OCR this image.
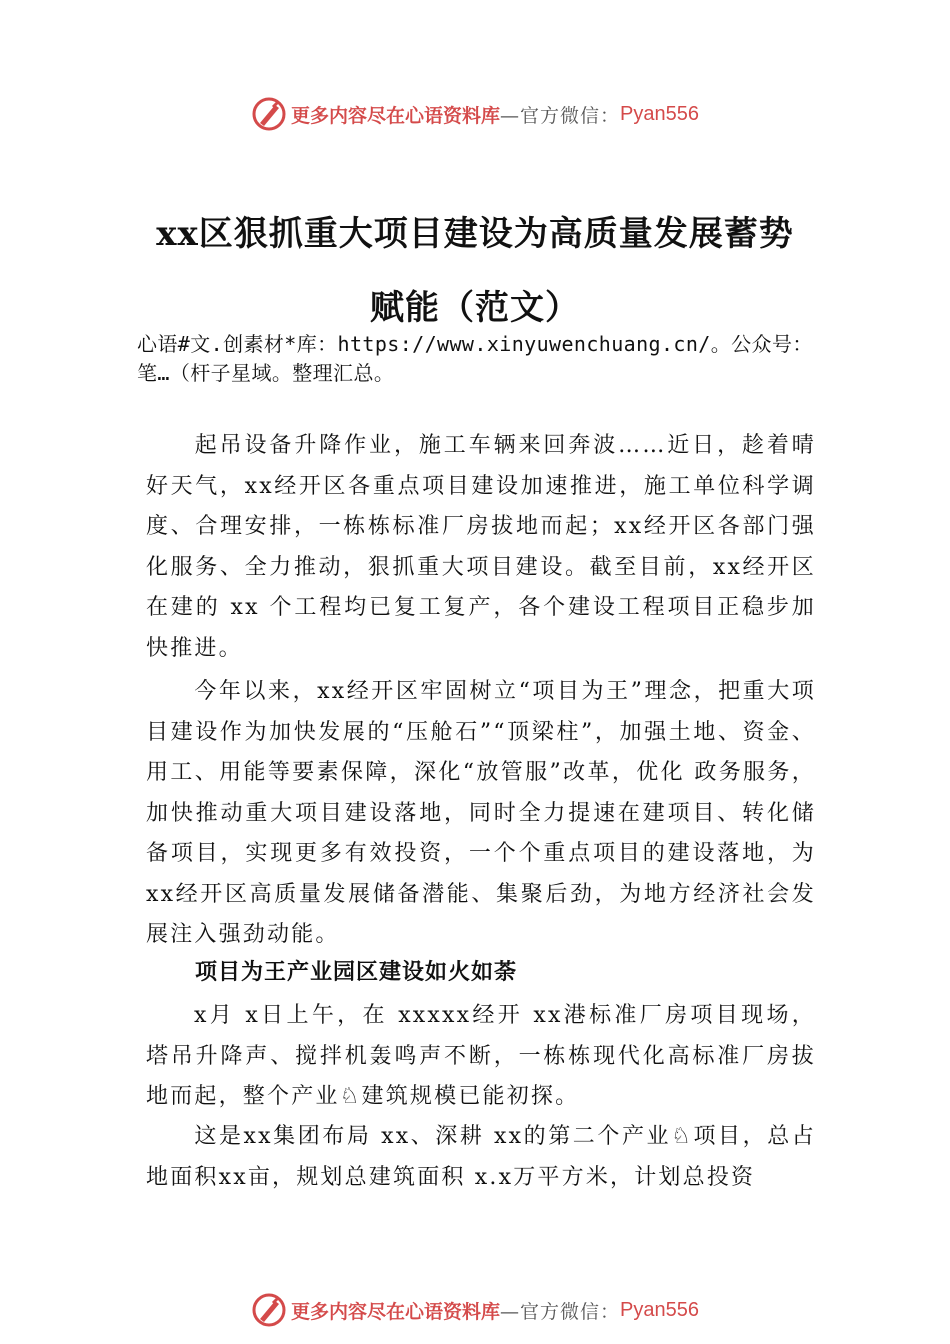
更多内容尽在心语资料库 —官方微信： Pyan556
xx区狠抓重大项目建设为高质量发展蓄势
赋能（范文）
心语#文.创素材*库：https://www.xinyuwenchuang.cn/。公众号：笔…（杆子星域。整理汇总。
起吊设备升降作业，施工车辆来回奔波……近日，趁着晴好天气，xx经开区各重点项目建设加速推进，施工单位科学调度、合理安排，一栋栋标准厂房拔地而起；xx经开区各部门强化服务、全力推动，狠抓重大项目建设。截至目前，xx经开区在建的 xx 个工程均已复工复产，各个建设工程项目正稳步加快推进。
今年以来，xx经开区牢固树立“项目为王”理念，把重大项目建设作为加快发展的“压舱石”“顶梁柱”，加强土地、资金、用工、用能等要素保障，深化“放管服”改革，优化 政务服务，加快推动重大项目建设落地，同时全力提速在建项目、转化储备项目，实现更多有效投资，一个个重点项目的建设落地，为 xx经开区高质量发展储备潜能、集聚后劲，为地方经济社会发展注入强劲动能。
项目为王产业园区建设如火如荼
x月 x日上午，在 xxxxx经开 xx港标准厂房项目现场， 塔吊升降声、搅拌机轰鸣声不断，一栋栋现代化高标准厂房拔地而起，整个产业♘建筑规模已能初探。
这是xx集团布局 xx、深耕 xx的第二个产业♘项目，总占地面积xx亩，规划总建筑面积 x.x万平方米，计划总投资
更多内容尽在心语资料库 —官方微信： Pyan556
